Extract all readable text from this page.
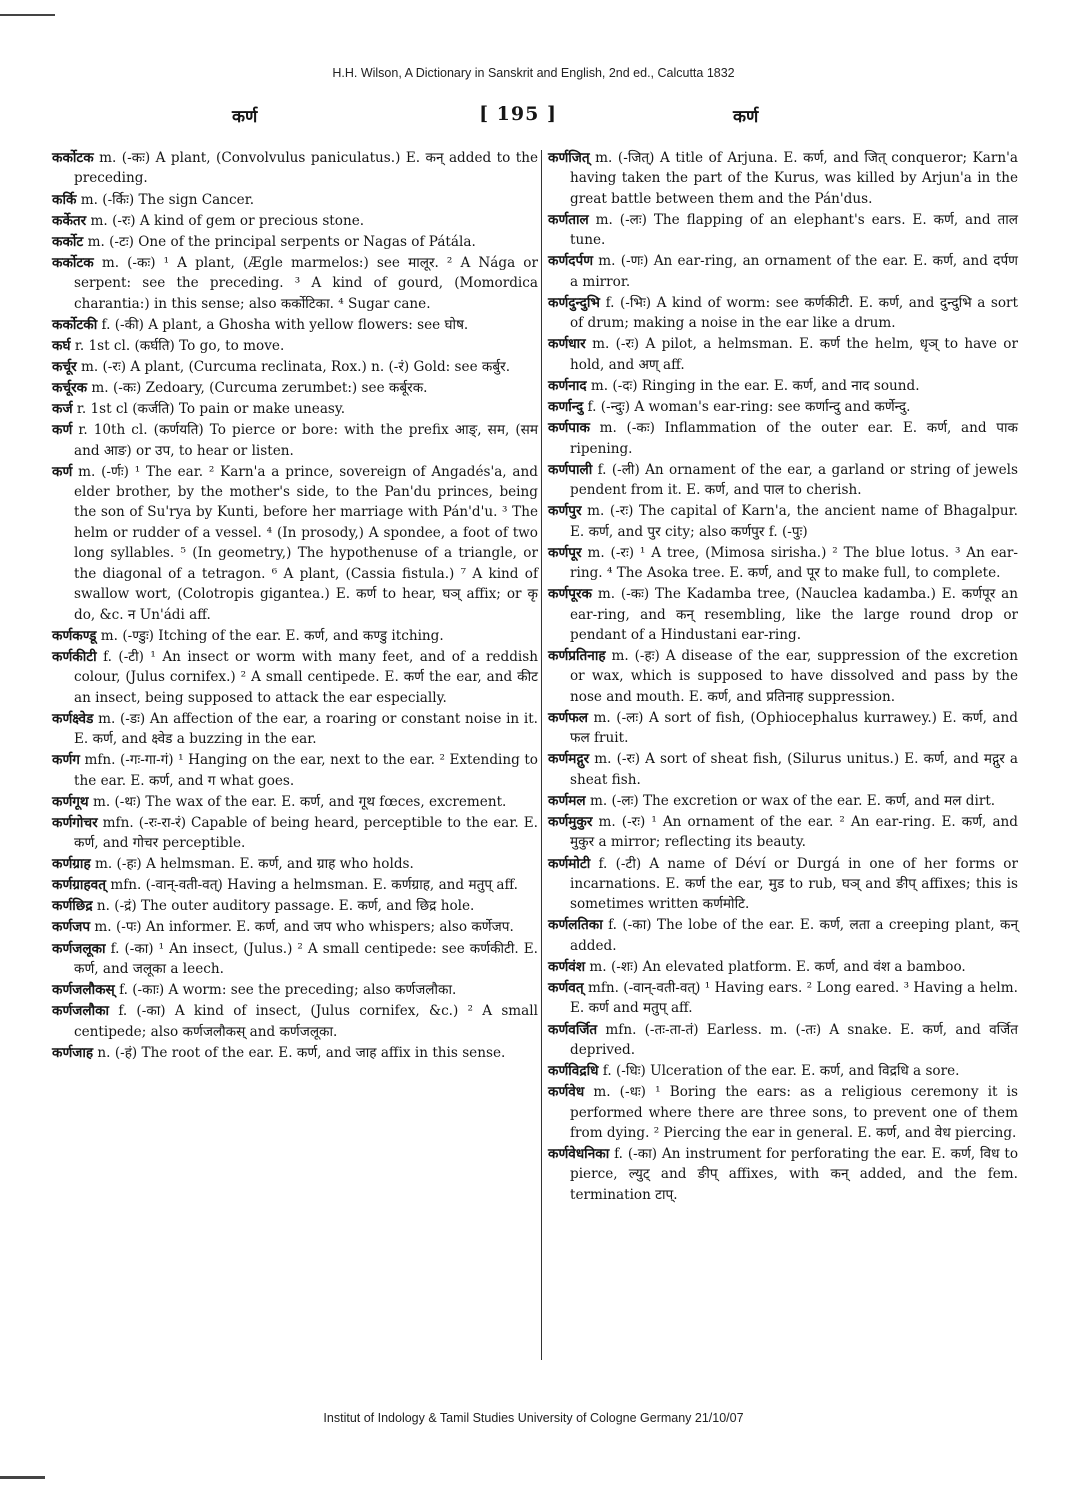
H.H. Wilson, A Dictionary in Sanskrit and English, 2nd ed., Calcutta 1832
कर्ण	[ 195 ]	कर्ण

कर्कोटक m. (-कः) A plant, (Convolvulus paniculatus.) E. कन् added to the preceding.

कर्कि m. (-र्किः) The sign Cancer.

कर्केतर m. (-रः) A kind of gem or precious stone.

कर्कोट m. (-टः) One of the principal serpents or Nagas of Pátála.

कर्कोटक m. (-कः) ¹ A plant, (Ægle marmelos:) see मालूर. ² A Nága or serpent: see the preceding. ³ A kind of gourd, (Momordica charantia:) in this sense; also कर्कोटिका. ⁴ Sugar cane.

कर्कोटकी f. (-की) A plant, a Ghosha with yellow flowers: see घोष.

कर्घ r. 1st cl. (कर्घति) To go, to move.

कर्चूर m. (-रः) A plant, (Curcuma reclinata, Rox.) n. (-रं) Gold: see कर्बुर.

कर्चूरक m. (-कः) Zedoary, (Curcuma zerumbet:) see कर्बूरक.

कर्ज r. 1st cl (कर्जति) To pain or make uneasy.

कर्ण r. 10th cl. (कर्णयति) To pierce or bore: with the prefix आङ्, सम, (सम and आङ) or उप, to hear or listen.

कर्ण m. (-र्णः) ¹ The ear. ² Karn'a a prince, sovereign of Angadés'a, and elder brother, by the mother's side, to the Pan'du princes, being the son of Su'rya by Kunti, before her marriage with Pán'd'u. ³ The helm or rudder of a vessel. ⁴ (In prosody,) A spondee, a foot of two long syllables. ⁵ (In geometry,) The hypothenuse of a triangle, or the diagonal of a tetragon. ⁶ A plant, (Cassia fistula.) ⁷ A kind of swallow wort, (Colotropis gigantea.) E. कर्ण to hear, घञ् affix; or कृ do, &c. न Un'ádi aff.

कर्णकण्डू m. (-ण्डुः) Itching of the ear. E. कर्ण, and कण्डु itching.

कर्णकीटी f. (-टी) ¹ An insect or worm with many feet, and of a reddish colour, (Julus cornifex.) ² A small centipede. E. कर्ण the ear, and कीट an insect, being supposed to attack the ear especially.

कर्णक्ष्वेड m. (-डः) An affection of the ear, a roaring or constant noise in it. E. कर्ण, and क्ष्वेड a buzzing in the ear.

कर्णग mfn. (-गः-गा-गं) ¹ Hanging on the ear, next to the ear. ² Extending to the ear. E. कर्ण, and ग what goes.

कर्णगूथ m. (-थः) The wax of the ear. E. कर्ण, and गूथ fœces, excrement.

कर्णगोचर mfn. (-रः-रा-रं) Capable of being heard, perceptible to the ear. E. कर्ण, and गोचर perceptible.

कर्णग्राह m. (-हः) A helmsman. E. कर्ण, and ग्राह who holds.

कर्णग्राहवत् mfn. (-वान्-वती-वत्) Having a helmsman. E. कर्णग्राह, and मतुप् aff.

कर्णछिद्र n. (-द्रं) The outer auditory passage. E. कर्ण, and छिद्र hole.

कर्णजप m. (-पः) An informer. E. कर्ण, and जप who whispers; also कर्णेजप.

कर्णजलूका f. (-का) ¹ An insect, (Julus.) ² A small centipede: see कर्णकीटी. E. कर्ण, and जलूका a leech.

कर्णजलौकस् f. (-काः) A worm: see the preceding; also कर्णजलौका.

कर्णजलौका f. (-का) A kind of insect, (Julus cornifex, &c.) ² A small centipede; also कर्णजलौकस् and कर्णजलूका.

कर्णजाह n. (-हं) The root of the ear. E. कर्ण, and जाह affix in this sense.

कर्णजित् m. (-जित्) A title of Arjuna. E. कर्ण, and जित् conqueror; Karn'a having taken the part of the Kurus, was killed by Arjun'a in the great battle between them and the Pán'dus.

कर्णताल m. (-लः) The flapping of an elephant's ears. E. कर्ण, and ताल tune.

कर्णदर्पण m. (-णः) An ear-ring, an ornament of the ear. E. कर्ण, and दर्पण a mirror.

कर्णदुन्दुभि f. (-भिः) A kind of worm: see कर्णकीटी. E. कर्ण, and दुन्दुभि a sort of drum; making a noise in the ear like a drum.

कर्णधार m. (-रः) A pilot, a helmsman. E. कर्ण the helm, धृञ् to have or hold, and अण् aff.

कर्णनाद m. (-दः) Ringing in the ear. E. कर्ण, and नाद sound.

कर्णान्दु f. (-न्दुः) A woman's ear-ring: see कर्णान्दु and कर्णेन्दु.

कर्णपाक m. (-कः) Inflammation of the outer ear. E. कर्ण, and पाक ripening.

कर्णपाली f. (-ली) An ornament of the ear, a garland or string of jewels pendent from it. E. कर्ण, and पाल to cherish.

कर्णपुर m. (-रः) The capital of Karn'a, the ancient name of Bhagalpur. E. कर्ण, and पुर city; also कर्णपुर f. (-पुः)

कर्णपूर m. (-रः) ¹ A tree, (Mimosa sirisha.) ² The blue lotus. ³ An ear-ring. ⁴ The Asoka tree. E. कर्ण, and पूर to make full, to complete.

कर्णपूरक m. (-कः) The Kadamba tree, (Nauclea kadamba.) E. कर्णपूर an ear-ring, and कन् resembling, like the large round drop or pendant of a Hindustani ear-ring.

कर्णप्रतिनाह m. (-हः) A disease of the ear, suppression of the excretion or wax, which is supposed to have dissolved and pass by the nose and mouth. E. कर्ण, and प्रतिनाह suppression.

कर्णफल m. (-लः) A sort of fish, (Ophiocephalus kurrawey.) E. कर्ण, and फल fruit.

कर्णमद्गुर m. (-रः) A sort of sheat fish, (Silurus unitus.) E. कर्ण, and मद्गुर a sheat fish.

कर्णमल m. (-लः) The excretion or wax of the ear. E. कर्ण, and मल dirt.

कर्णमुकुर m. (-रः) ¹ An ornament of the ear. ² An ear-ring. E. कर्ण, and मुकुर a mirror; reflecting its beauty.

कर्णमोटी f. (-टी) A name of Déví or Durgá in one of her forms or incarnations. E. कर्ण the ear, मुड to rub, घञ् and ङीप् affixes; this is sometimes written कर्णमोटि.

कर्णलतिका f. (-का) The lobe of the ear. E. कर्ण, लता a creeping plant, कन् added.

कर्णवंश m. (-शः) An elevated platform. E. कर्ण, and वंश a bamboo.

कर्णवत् mfn. (-वान्-वती-वत्) ¹ Having ears. ² Long eared. ³ Having a helm. E. कर्ण and मतुप् aff.

कर्णवर्जित mfn. (-तः-ता-तं) Earless. m. (-तः) A snake. E. कर्ण, and वर्जित deprived.

कर्णविद्रधि f. (-धिः) Ulceration of the ear. E. कर्ण, and विद्रधि a sore.

कर्णवेध m. (-धः) ¹ Boring the ears: as a religious ceremony it is performed where there are three sons, to prevent one of them from dying. ² Piercing the ear in general. E. कर्ण, and वेध piercing.

कर्णवेधनिका f. (-का) An instrument for perforating the ear. E. कर्ण, विध to pierce, ल्युट् and ङीप् affixes, with कन् added, and the fem. termination टाप्.

Institut of Indology & Tamil Studies University of Cologne Germany 21/10/07
